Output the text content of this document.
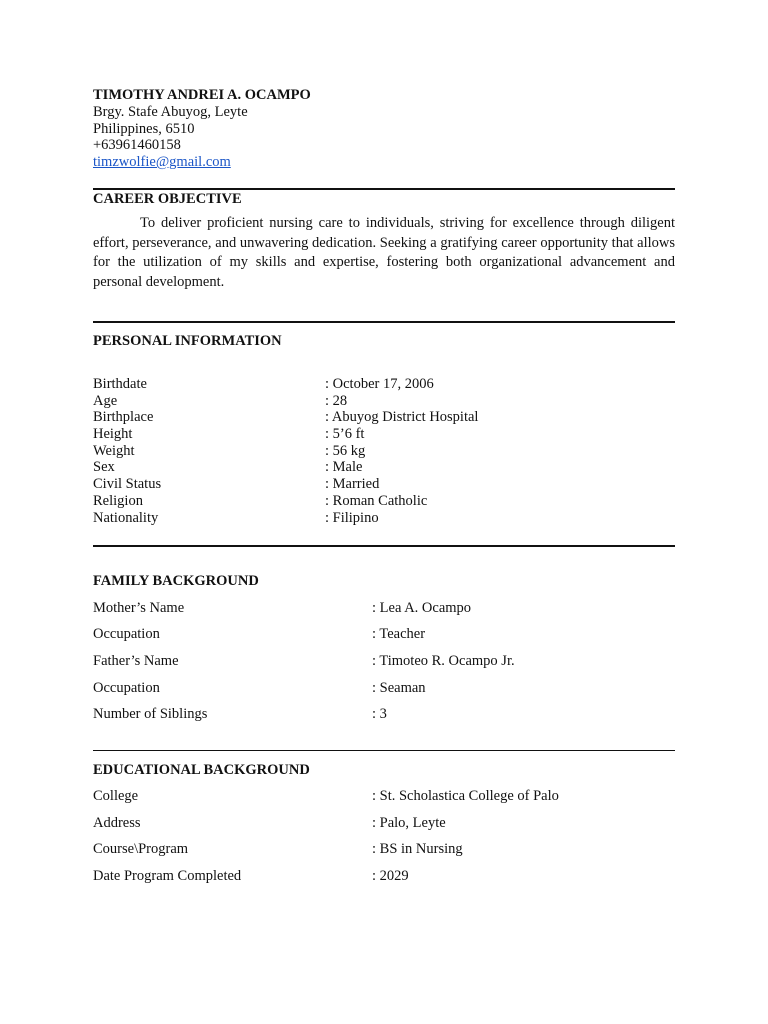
TIMOTHY ANDREI A. OCAMPO
Brgy. Stafe Abuyog, Leyte
Philippines, 6510
+63961460158
timzwolfie@gmail.com
CAREER OBJECTIVE
To deliver proficient nursing care to individuals, striving for excellence through diligent effort, perseverance, and unwavering dedication. Seeking a gratifying career opportunity that allows for the utilization of my skills and expertise, fostering both organizational advancement and personal development.
PERSONAL INFORMATION
Birthdate	: October 17, 2006
Age	: 28
Birthplace	: Abuyog District Hospital
Height	: 5’6 ft
Weight	: 56 kg
Sex	: Male
Civil Status	: Married
Religion	: Roman Catholic
Nationality	: Filipino
FAMILY BACKGROUND
Mother’s Name	: Lea A. Ocampo
Occupation	: Teacher
Father’s Name	: Timoteo R. Ocampo Jr.
Occupation	: Seaman
Number of Siblings	: 3
EDUCATIONAL BACKGROUND
College	: St. Scholastica College of Palo
Address	: Palo, Leyte
Course\Program	: BS in Nursing
Date Program Completed	: 2029
